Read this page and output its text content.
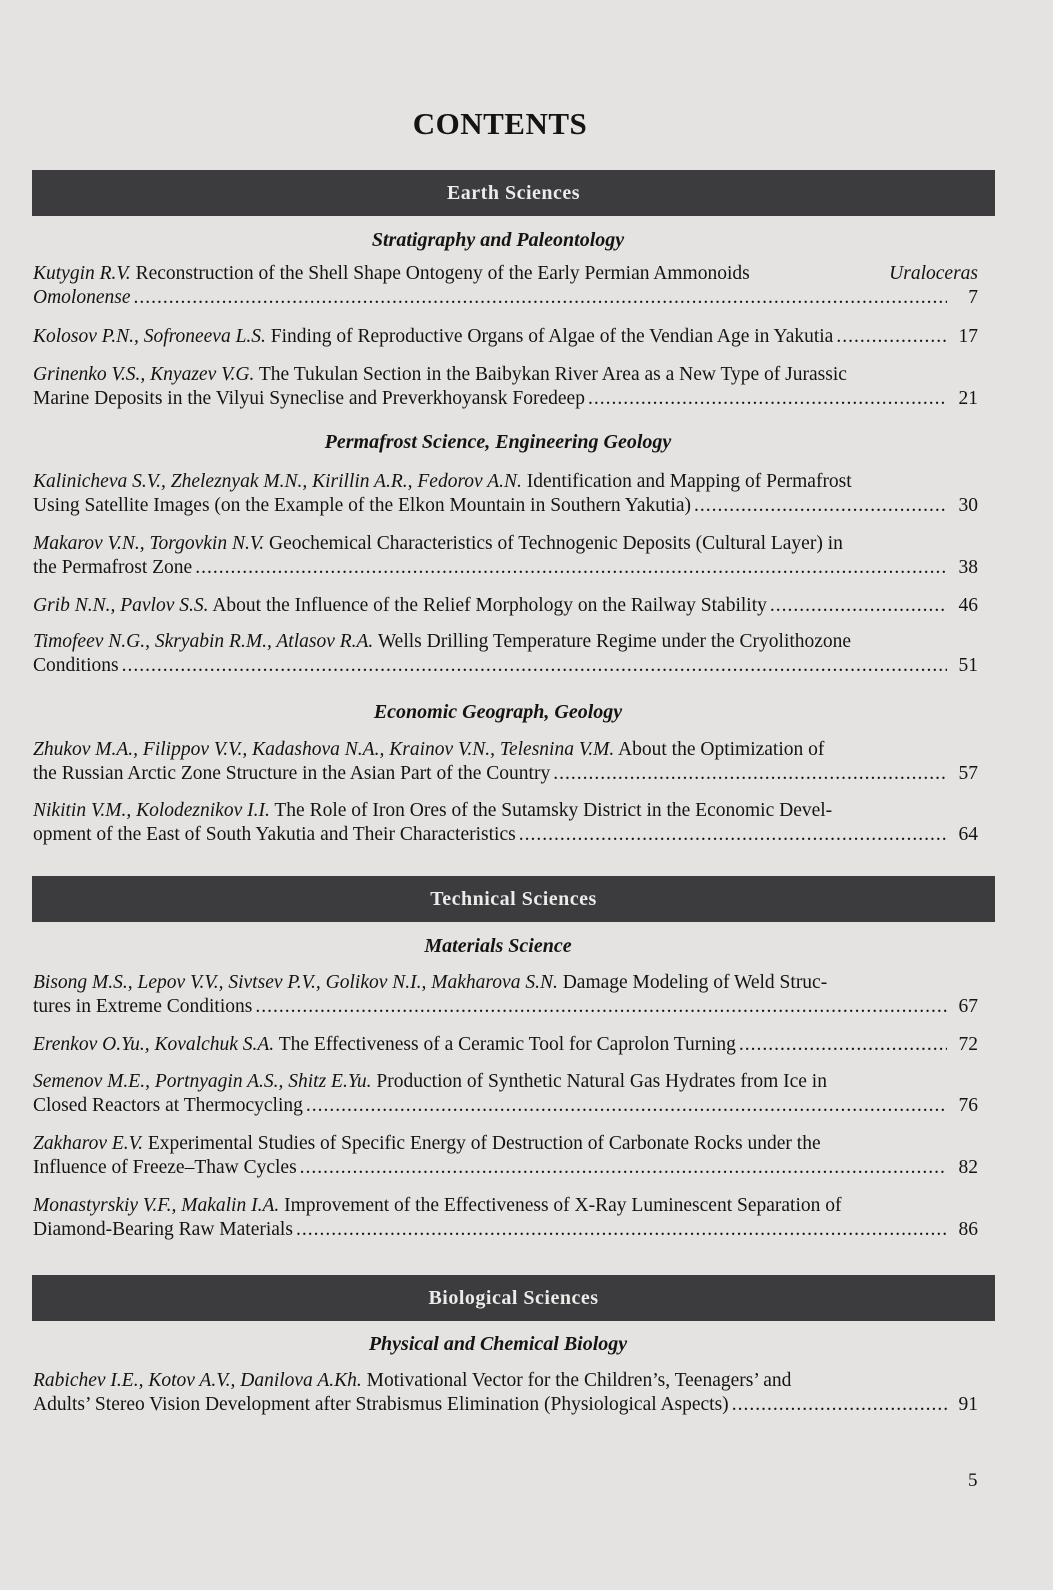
CONTENTS
Earth Sciences
Stratigraphy and Paleontology
Kutygin R.V. Reconstruction of the Shell Shape Ontogeny of the Early Permian Ammonoids	Uraloceras
Omolonense .....	7
Kolosov P.N., Sofroneeva L.S. Finding of Reproductive Organs of Algae of the Vendian Age in Yakutia .....	17
Grinenko V.S., Knyazev V.G. The Tukulan Section in the Baibykan River Area as a New Type of Jurassic
Marine Deposits in the Vilyui Syneclise and Preverkhoyansk Foredeep .....	21
Permafrost Science, Engineering Geology
Kalinicheva S.V., Zheleznyak M.N., Kirillin A.R., Fedorov A.N. Identification and Mapping of Permafrost
Using Satellite Images (on the Example of the Elkon Mountain in Southern Yakutia) .....	30
Makarov V.N., Torgovkin N.V. Geochemical Characteristics of Technogenic Deposits (Cultural Layer) in
the Permafrost Zone .....	38
Grib N.N., Pavlov S.S. About the Influence of the Relief Morphology on the Railway Stability .....	46
Timofeev N.G., Skryabin R.M., Atlasov R.A. Wells Drilling Temperature Regime under the Cryolithozone
Conditions .....	51
Economic Geograph, Geology
Zhukov M.A., Filippov V.V., Kadashova N.A., Krainov V.N., Telesnina V.M. About the Optimization of
the Russian Arctic Zone Structure in the Asian Part of the Country .....	57
Nikitin V.M., Kolodeznikov I.I. The Role of Iron Ores of the Sutamsky District in the Economic Devel-
opment of the East of South Yakutia and Their Characteristics .....	64
Technical Sciences
Materials Science
Bisong M.S., Lepov V.V., Sivtsev P.V., Golikov N.I., Makharova S.N. Damage Modeling of Weld Struc-
tures in Extreme Conditions .....	67
Erenkov O.Yu., Kovalchuk S.A. The Effectiveness of a Ceramic Tool for Caprolon Turning .....	72
Semenov M.E., Portnyagin A.S., Shitz E.Yu. Production of Synthetic Natural Gas Hydrates from Ice in
Closed Reactors at Thermocycling .....	76
Zakharov E.V. Experimental Studies of Specific Energy of Destruction of Carbonate Rocks under the
Influence of Freeze–Thaw Cycles .....	82
Monastyrskiy V.F., Makalin I.A. Improvement of the Effectiveness of X-Ray Luminescent Separation of
Diamond-Bearing Raw Materials .....	86
Biological Sciences
Physical and Chemical Biology
Rabichev I.E., Kotov A.V., Danilova A.Kh. Motivational Vector for the Children’s, Teenagers’ and
Adults’ Stereo Vision Development after Strabismus Elimination (Physiological Aspects) .....	91
5
